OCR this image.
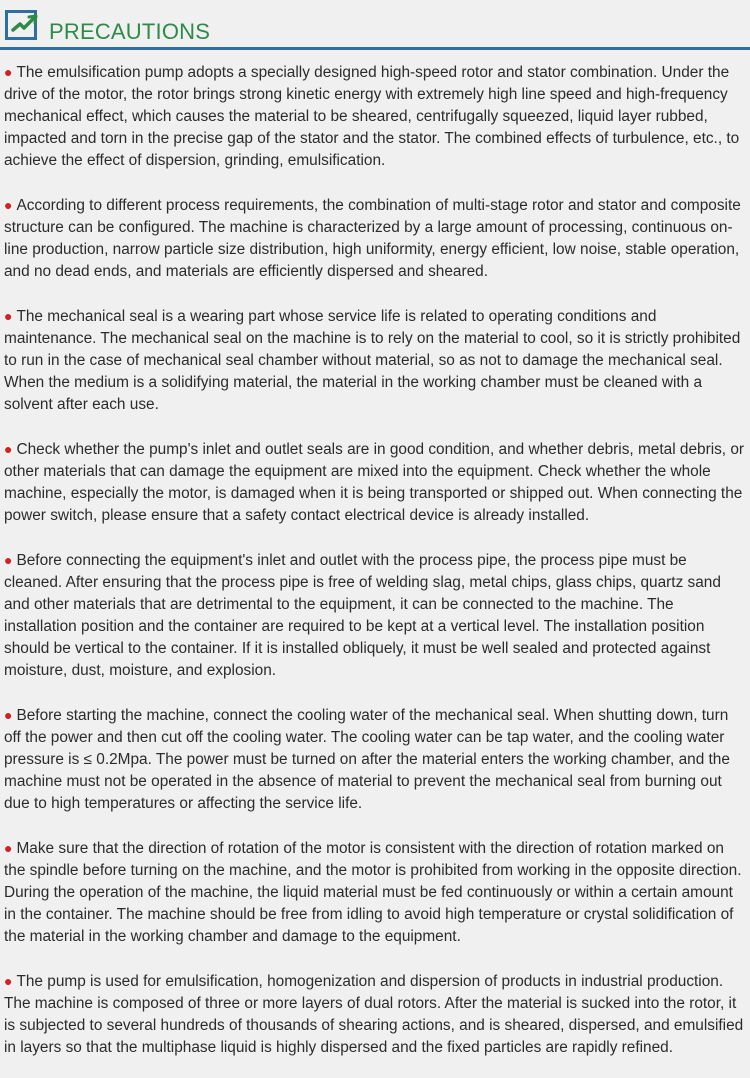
PRECAUTIONS

● The emulsification pump adopts a specially designed high-speed rotor and stator combination. Under the drive of the motor, the rotor brings strong kinetic energy with extremely high line speed and high-frequency mechanical effect, which causes the material to be sheared, centrifugally squeezed, liquid layer rubbed, impacted and torn in the precise gap of the stator and the stator. The combined effects of turbulence, etc., to achieve the effect of dispersion, grinding, emulsification.

● According to different process requirements, the combination of multi-stage rotor and stator and composite structure can be configured. The machine is characterized by a large amount of processing, continuous on-line production, narrow particle size distribution, high uniformity, energy efficient, low noise, stable operation, and no dead ends, and materials are efficiently dispersed and sheared.

● The mechanical seal is a wearing part whose service life is related to operating conditions and maintenance. The mechanical seal on the machine is to rely on the material to cool, so it is strictly prohibited to run in the case of mechanical seal chamber without material, so as not to damage the mechanical seal. When the medium is a solidifying material, the material in the working chamber must be cleaned with a solvent after each use.

● Check whether the pump's inlet and outlet seals are in good condition, and whether debris, metal debris, or other materials that can damage the equipment are mixed into the equipment. Check whether the whole machine, especially the motor, is damaged when it is being transported or shipped out. When connecting the power switch, please ensure that a safety contact electrical device is already installed.

● Before connecting the equipment's inlet and outlet with the process pipe, the process pipe must be cleaned. After ensuring that the process pipe is free of welding slag, metal chips, glass chips, quartz sand and other materials that are detrimental to the equipment, it can be connected to the machine. The installation position and the container are required to be kept at a vertical level. The installation position should be vertical to the container. If it is installed obliquely, it must be well sealed and protected against moisture, dust, moisture, and explosion.

● Before starting the machine, connect the cooling water of the mechanical seal. When shutting down, turn off the power and then cut off the cooling water. The cooling water can be tap water, and the cooling water pressure is ≤ 0.2Mpa. The power must be turned on after the material enters the working chamber, and the machine must not be operated in the absence of material to prevent the mechanical seal from burning out due to high temperatures or affecting the service life.

● Make sure that the direction of rotation of the motor is consistent with the direction of rotation marked on the spindle before turning on the machine, and the motor is prohibited from working in the opposite direction. During the operation of the machine, the liquid material must be fed continuously or within a certain amount in the container. The machine should be free from idling to avoid high temperature or crystal solidification of the material in the working chamber and damage to the equipment.

● The pump is used for emulsification, homogenization and dispersion of products in industrial production. The machine is composed of three or more layers of dual rotors. After the material is sucked into the rotor, it is subjected to several hundreds of thousands of shearing actions, and is sheared, dispersed, and emulsified in layers so that the multiphase liquid is highly dispersed and the fixed particles are rapidly refined.
